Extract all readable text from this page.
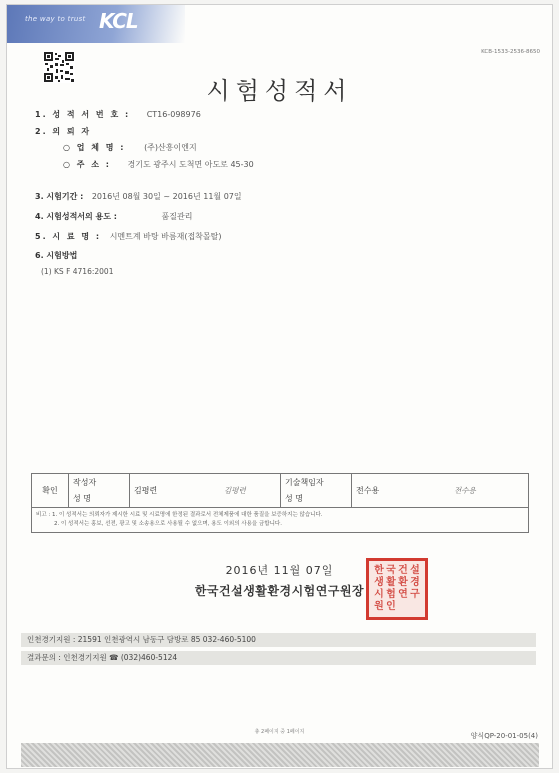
the way to trust KCL
KCB-1533-2536-8650
시험성적서
1. 성 적 서 번 호 : CT16-098976
2. 의 뢰 자
○ 업 체 명 : (주)산흥이엔지
○ 주 소 : 경기도 광주시 도척면 아도로 45-30
3. 시험기간 : 2016년 08월 30일 ~ 2016년 11월 07일
4. 시험성적서의 용도 :	품질관리
5. 시 료 명 : 시멘트계 바탕 바름재(접착몰탈)
6. 시험방법
(1) KS F 4716:2001
확인	작성자	김평련	김평련	기술책임자	전수용	전수용
	성 명			성 명		

비고 : 1. 이 성적서는 의뢰자가 제시한 시료 및 시료명에 한정된 결과로서 전체제품에 대한 품질을 보증하지는 않습니다.
2. 이 성적서는 홍보, 선전, 광고 및 소송용으로 사용될 수 없으며, 용도 이외의 사용을 금합니다.						
2016년 11월 07일
한국건설생활환경시험연구원장
한 국 건 설
생 활 환 경
시 험 연 구
원 인
인천경기지원 : 21591 인천광역시 남동구 담방로 85 032-460-5100
결과문의 : 인천경기지원 ☎ (032)460-5124
총 2페이지 중 1페이지	양식QP-20-01-05(4)
